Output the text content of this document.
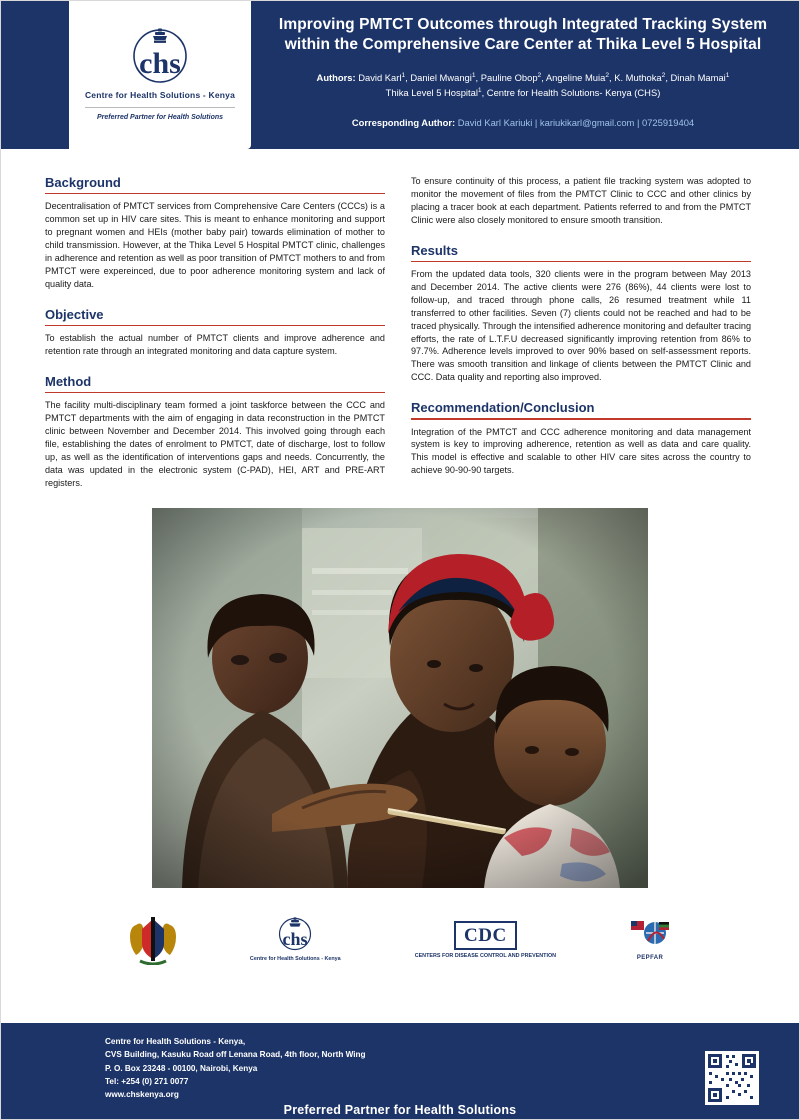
chs
Centre for Health Solutions - Kenya
Preferred Partner for Health Solutions
Improving PMTCT Outcomes through Integrated Tracking System within the Comprehensive Care Center at Thika Level 5 Hospital
Authors: David Karl$^1$, Daniel Mwangi$^1$, Pauline Obop$^2$, Angeline Muia$^2$, K. Muthoka$^2$, Dinah Mamai$^1$
Thika Level 5 Hospital$^1$, Centre for Health Solutions- Kenya (CHS)
Corresponding Author: David Karl Kariuki | kariukikarl@gmail.com | 0725919404
Background

Decentralisation of PMTCT services from Comprehensive Care Centers (CCCs) is a common set up in HIV care sites. This is meant to enhance monitoring and support to pregnant women and HEIs (mother baby pair) towards elimination of mother to child transmission. However, at the Thika Level 5 Hospital PMTCT clinic, challenges in adherence and retention as well as poor transition of PMTCT mothers to and from PMTCT were expereinced, due to poor adherence monitoring system and lack of quality data.

Objective

To establish the actual number of PMTCT clients and improve adherence and retention rate through an integrated monitoring and data capture system.

Method

The facility multi-disciplinary team formed a joint taskforce between the CCC and PMTCT departments with the aim of engaging in data reconstruction in the PMTCT clinic between November and December 2014. This involved going through each file, establishing the dates of enrolment to PMTCT, date of discharge, lost to follow up, as well as the identification of interventions gaps and needs. Concurrently, the data was updated in the electronic system (C-PAD), HEI, ART and PRE-ART registers.

To ensure continuity of this process, a patient file tracking system was adopted to monitor the movement of files from the PMTCT Clinic to CCC and other clinics by placing a tracer book at each department. Patients referred to and from the PMTCT Clinic were also closely monitored to ensure smooth transition.

Results

From the updated data tools, 320 clients were in the program between May 2013 and December 2014. The active clients were 276 (86%), 44 clients were lost to follow-up, and traced through phone calls, 26 resumed treatment while 11 transferred to other facilities. Seven (7) clients could not be reached and had to be traced physically. Through the intensified adherence monitoring and defaulter tracing efforts, the rate of L.T.F.U decreased significantly improving retention from 86% to 97.7%. Adherence levels improved to over 90% based on self-assessment reports. There was smooth transition and linkage of clients between the PMTCT Clinic and CCC. Data quality and reporting also improved.

Recommendation/Conclusion

Integration of the PMTCT and CCC adherence monitoring and data management system is key to improving adherence, retention as well as data and care quality. This model is effective and scalable to other HIV care sites across the country to achieve 90-90-90 targets.

chs
Centre for Health Solutions - Kenya
CDC
CENTERS FOR DISEASE CONTROL AND PREVENTION	PEPFAR
Centre for Health Solutions - Kenya,
CVS Building, Kasuku Road off Lenana Road, 4th floor, North Wing
P. O. Box 23248 - 00100, Nairobi, Kenya
Tel: +254 (0) 271 0077
www.chskenya.org
Preferred Partner for Health Solutions
